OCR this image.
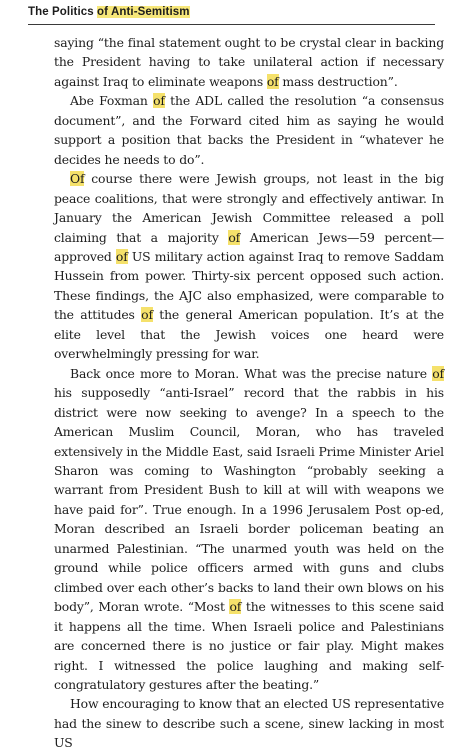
The Politics of Anti-Semitism

saying “the final statement ought to be crystal clear in backing the President having to take unilateral action if necessary against Iraq to eliminate weapons of mass destruction”.

Abe Foxman of the ADL called the resolution “a consensus document”, and the Forward cited him as saying he would support a position that backs the President in “whatever he decides he needs to do”.

Of course there were Jewish groups, not least in the big peace coalitions, that were strongly and effectively antiwar. In January the American Jewish Committee released a poll claiming that a majority of American Jews—59 percent—approved of US military action against Iraq to remove Saddam Hussein from power. Thirty-six percent opposed such action. These findings, the AJC also emphasized, were comparable to the attitudes of the general American population. It’s at the elite level that the Jewish voices one heard were overwhelmingly pressing for war.

Back once more to Moran. What was the precise nature of his supposedly “anti-Israel” record that the rabbis in his district were now seeking to avenge? In a speech to the American Muslim Council, Moran, who has traveled extensively in the Middle East, said Israeli Prime Minister Ariel Sharon was coming to Washington “probably seeking a warrant from President Bush to kill at will with weapons we have paid for”. True enough. In a 1996 Jerusalem Post op-ed, Moran described an Israeli border policeman beating an unarmed Palestinian. “The unarmed youth was held on the ground while police officers armed with guns and clubs climbed over each other’s backs to land their own blows on his body”, Moran wrote. “Most of the witnesses to this scene said it happens all the time. When Israeli police and Palestinians are concerned there is no justice or fair play. Might makes right. I witnessed the police laughing and making self-congratulatory gestures after the beating.”

How encouraging to know that an elected US representative had the sinew to describe such a scene, sinew lacking in most US
